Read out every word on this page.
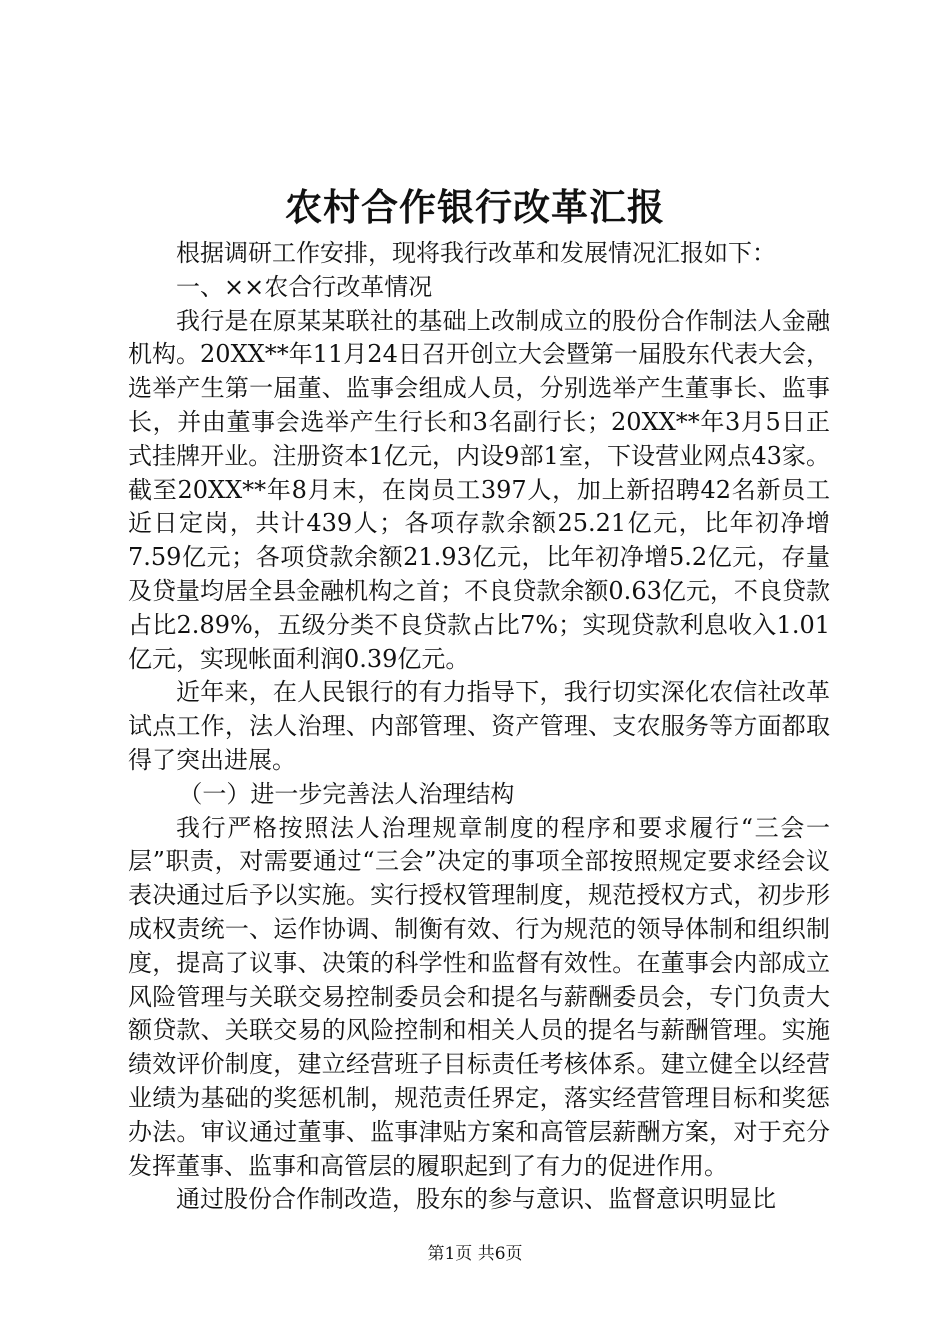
农村合作银行改革汇报

根据调研工作安排，现将我行改革和发展情况汇报如下：

一、××农合行改革情况

我行是在原某某联社的基础上改制成立的股份合作制法人金融机构。20XX**年11月24日召开创立大会暨第一届股东代表大会，选举产生第一届董、监事会组成人员，分别选举产生董事长、监事长，并由董事会选举产生行长和3名副行长；20XX**年3月5日正式挂牌开业。注册资本1亿元，内设9部1室，下设营业网点43家。截至20XX**年8月末，在岗员工397人，加上新招聘42名新员工近日定岗，共计439人；各项存款余额25.21亿元，比年初净增7.59亿元；各项贷款余额21.93亿元，比年初净增5.2亿元，存量及贷量均居全县金融机构之首；不良贷款余额0.63亿元，不良贷款占比2.89%，五级分类不良贷款占比7%；实现贷款利息收入1.01亿元，实现帐面利润0.39亿元。

近年来，在人民银行的有力指导下，我行切实深化农信社改革试点工作，法人治理、内部管理、资产管理、支农服务等方面都取得了突出进展。

（一）进一步完善法人治理结构

我行严格按照法人治理规章制度的程序和要求履行“三会一层”职责，对需要通过“三会”决定的事项全部按照规定要求经会议表决通过后予以实施。实行授权管理制度，规范授权方式，初步形成权责统一、运作协调、制衡有效、行为规范的领导体制和组织制度，提高了议事、决策的科学性和监督有效性。在董事会内部成立风险管理与关联交易控制委员会和提名与薪酬委员会，专门负责大额贷款、关联交易的风险控制和相关人员的提名与薪酬管理。实施绩效评价制度，建立经营班子目标责任考核体系。建立健全以经营业绩为基础的奖惩机制，规范责任界定，落实经营管理目标和奖惩办法。审议通过董事、监事津贴方案和高管层薪酬方案，对于充分发挥董事、监事和高管层的履职起到了有力的促进作用。

通过股份合作制改造，股东的参与意识、监督意识明显比

第1页 共6页
